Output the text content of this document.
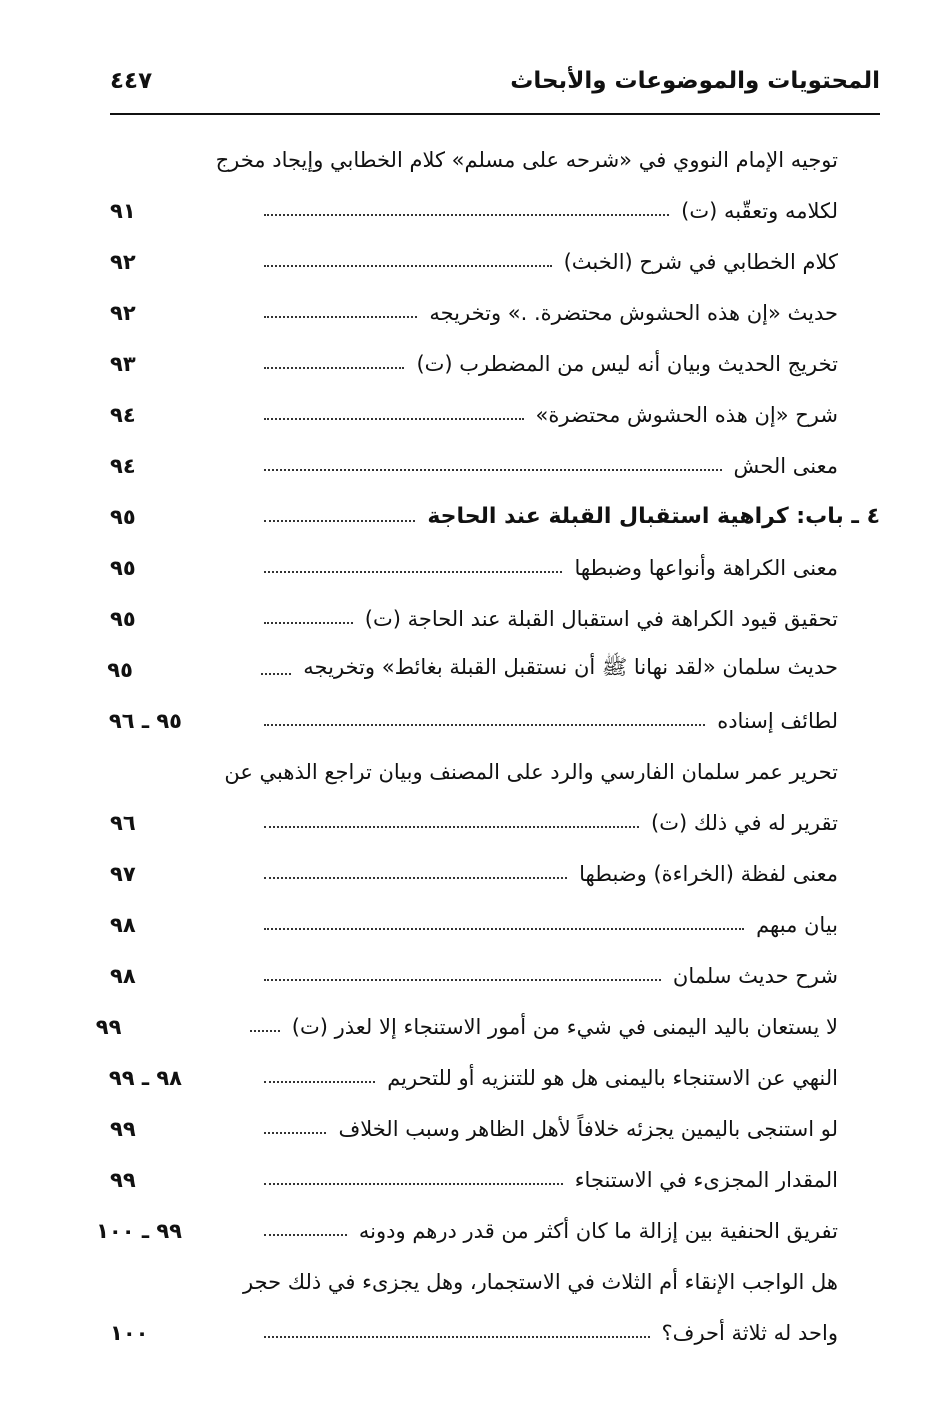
المحتويات والموضوعات والأبحاث
٤٤٧
توجيه الإمام النووي في «شرحه على مسلم» كلام الخطابي وإيجاد مخرج
لكلامه وتعقّبه (ت)
٩١
كلام الخطابي في شرح (الخبث)
٩٢
حديث «إن هذه الحشوش محتضرة. .» وتخريجه
٩٢
تخريج الحديث وبيان أنه ليس من المضطرب (ت)
٩٣
شرح «إن هذه الحشوش محتضرة»
٩٤
معنى الحش
٩٤
٤ ـ باب: كراهية استقبال القبلة عند الحاجة
٩٥
معنى الكراهة وأنواعها وضبطها
٩٥
تحقيق قيود الكراهة في استقبال القبلة عند الحاجة (ت)
٩٥
حديث سلمان «لقد نهانا ﷺ أن نستقبل القبلة بغائط» وتخريجه
٩٥
لطائف إسناده
٩٥ ـ ٩٦
تحرير عمر سلمان الفارسي والرد على المصنف وبيان تراجع الذهبي عن
تقرير له في ذلك (ت)
٩٦
معنى لفظة (الخراءة) وضبطها
٩٧
بيان مبهم
٩٨
شرح حديث سلمان
٩٨
لا يستعان باليد اليمنى في شيء من أمور الاستنجاء إلا لعذر (ت)
٩٩
النهي عن الاستنجاء باليمنى هل هو للتنزيه أو للتحريم
٩٨ ـ ٩٩
لو استنجى باليمين يجزئه خلافاً لأهل الظاهر وسبب الخلاف
٩٩
المقدار المجزىء في الاستنجاء
٩٩
تفريق الحنفية بين إزالة ما كان أكثر من قدر درهم ودونه
٩٩ ـ ١٠٠
هل الواجب الإنقاء أم الثلاث في الاستجمار، وهل يجزىء في ذلك حجر
واحد له ثلاثة أحرف؟
١٠٠
